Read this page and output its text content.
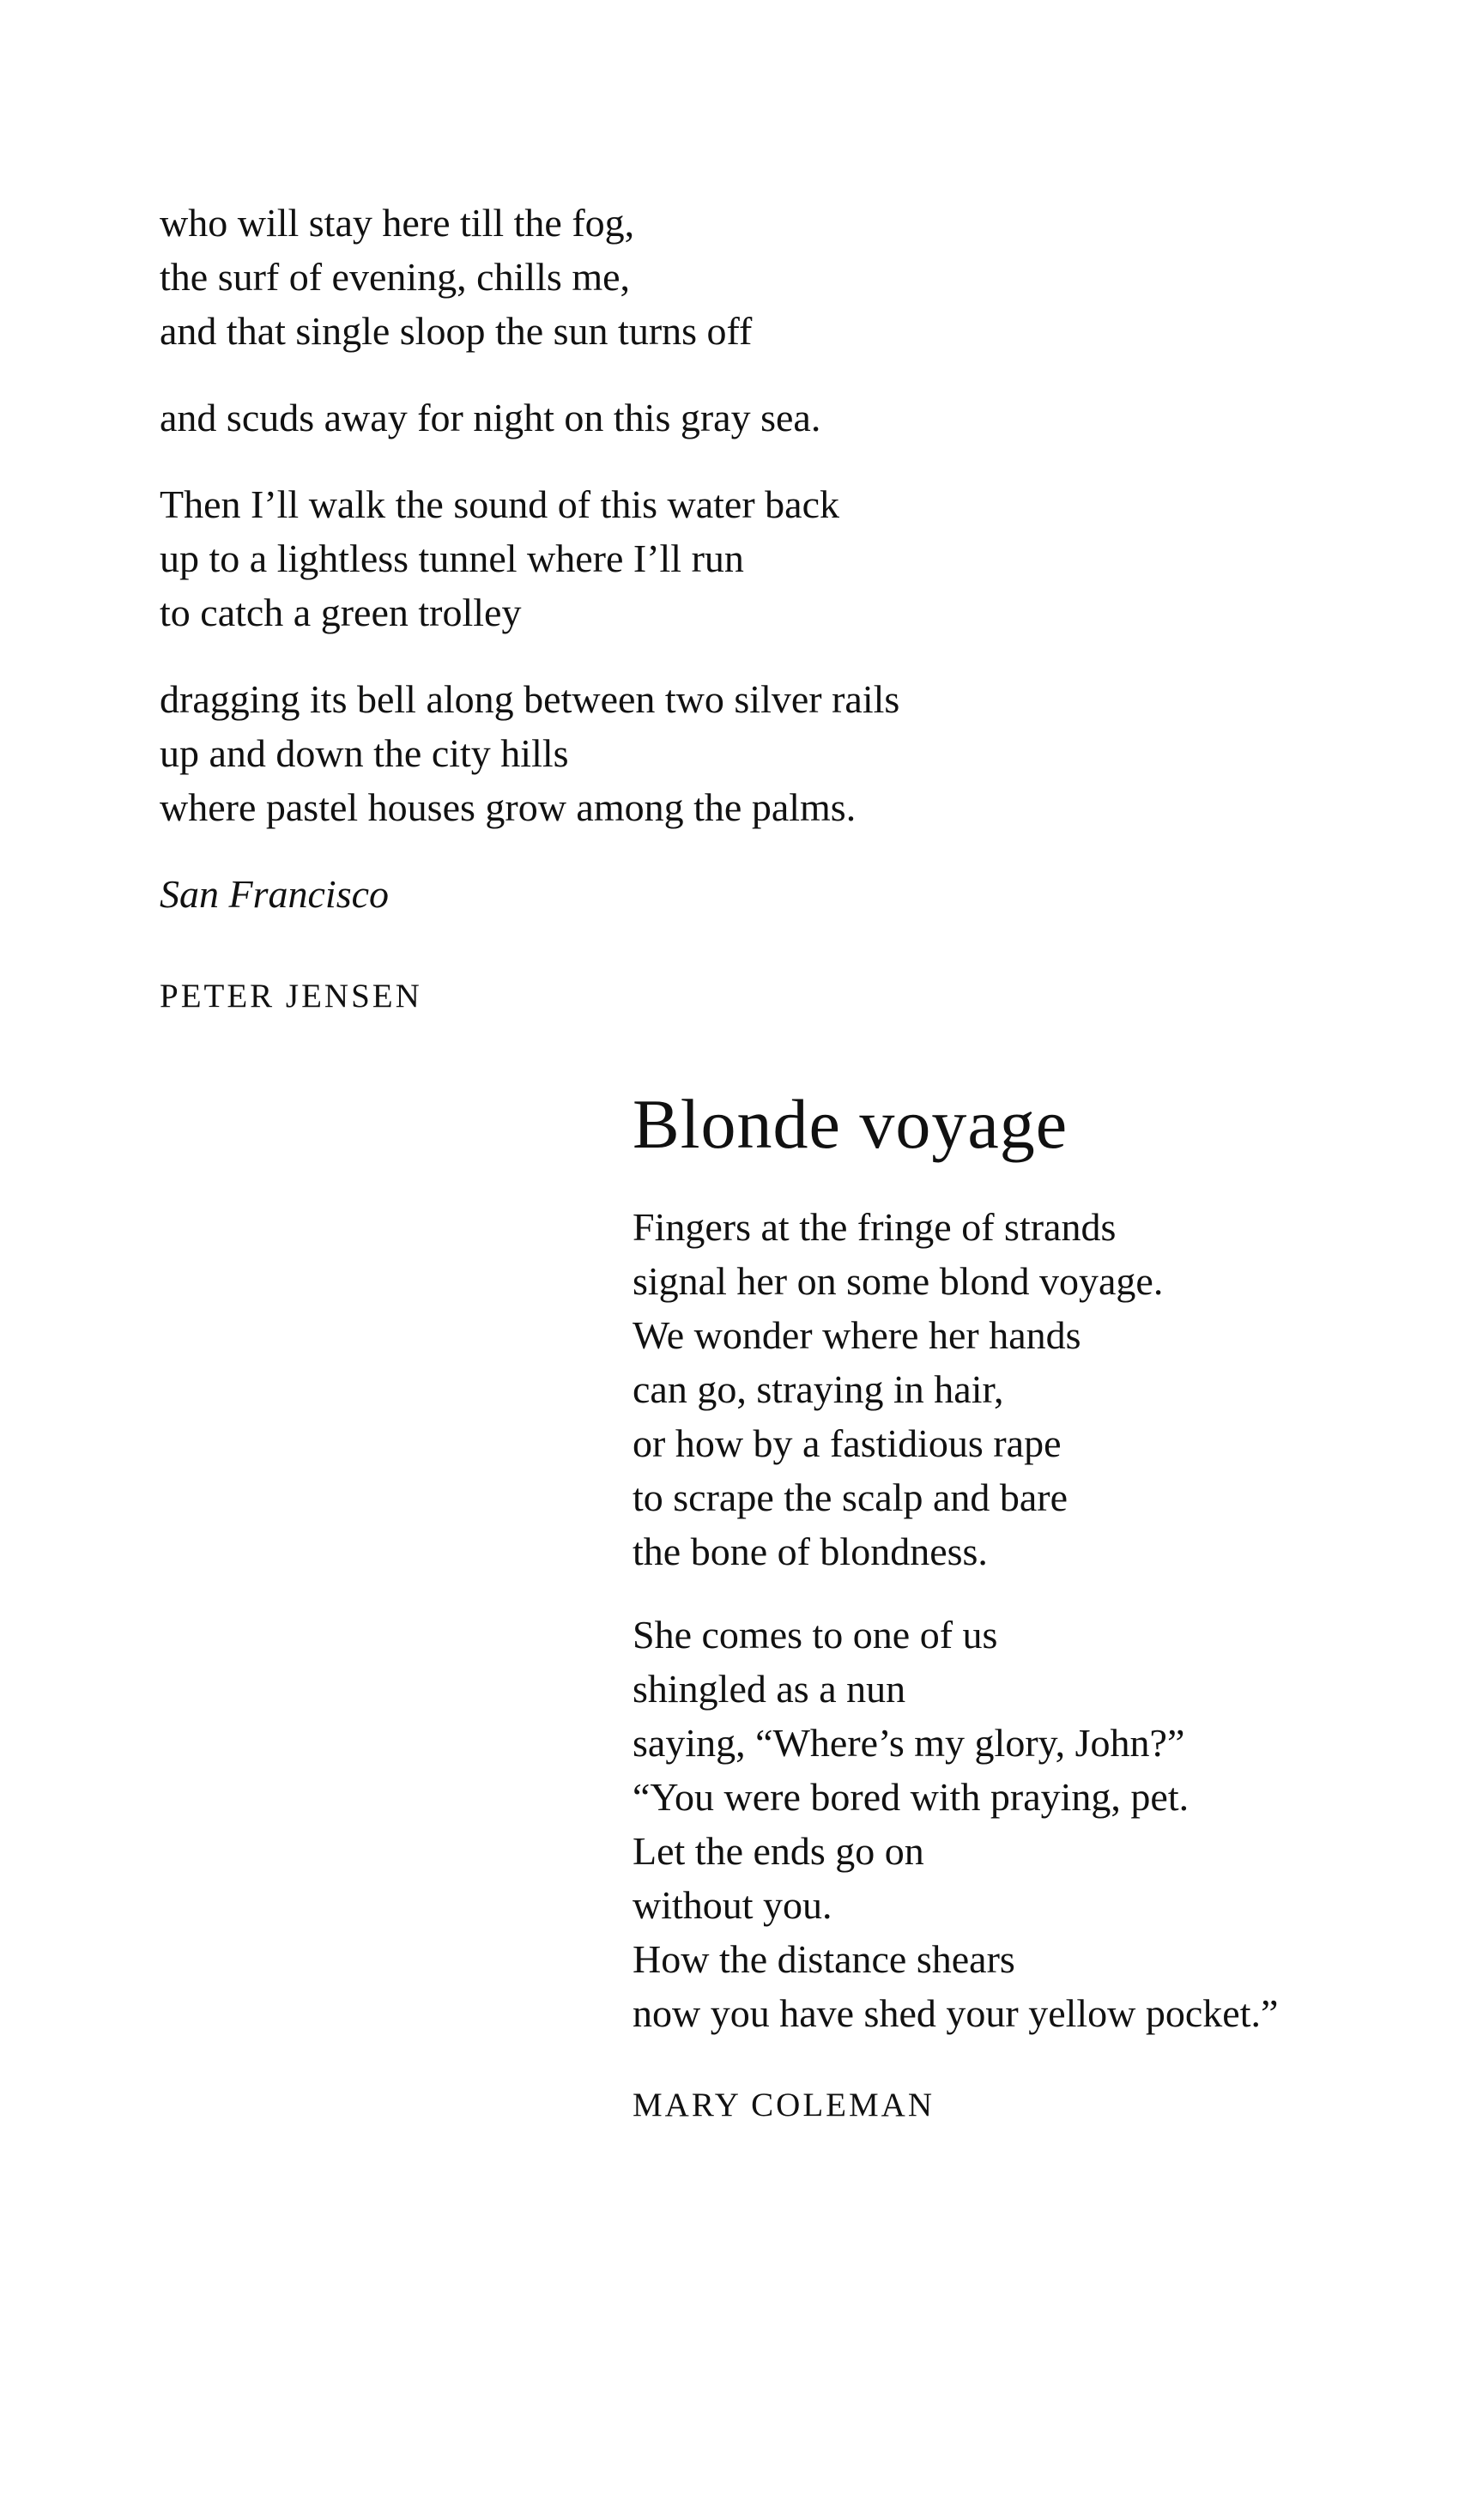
who will stay here till the fog,
the surf of evening, chills me,
and that single sloop the sun turns off
and scuds away for night on this gray sea.
Then I’ll walk the sound of this water back
up to a lightless tunnel where I’ll run
to catch a green trolley
dragging its bell along between two silver rails
up and down the city hills
where pastel houses grow among the palms.
San Francisco
PETER JENSEN
Blonde voyage
Fingers at the fringe of strands
signal her on some blond voyage.
We wonder where her hands
can go, straying in hair,
or how by a fastidious rape
to scrape the scalp and bare
the bone of blondness.
She comes to one of us
shingled as a nun
saying, “Where’s my glory, John?”
“You were bored with praying, pet.
Let the ends go on
without you.
How the distance shears
now you have shed your yellow pocket.”
MARY COLEMAN
